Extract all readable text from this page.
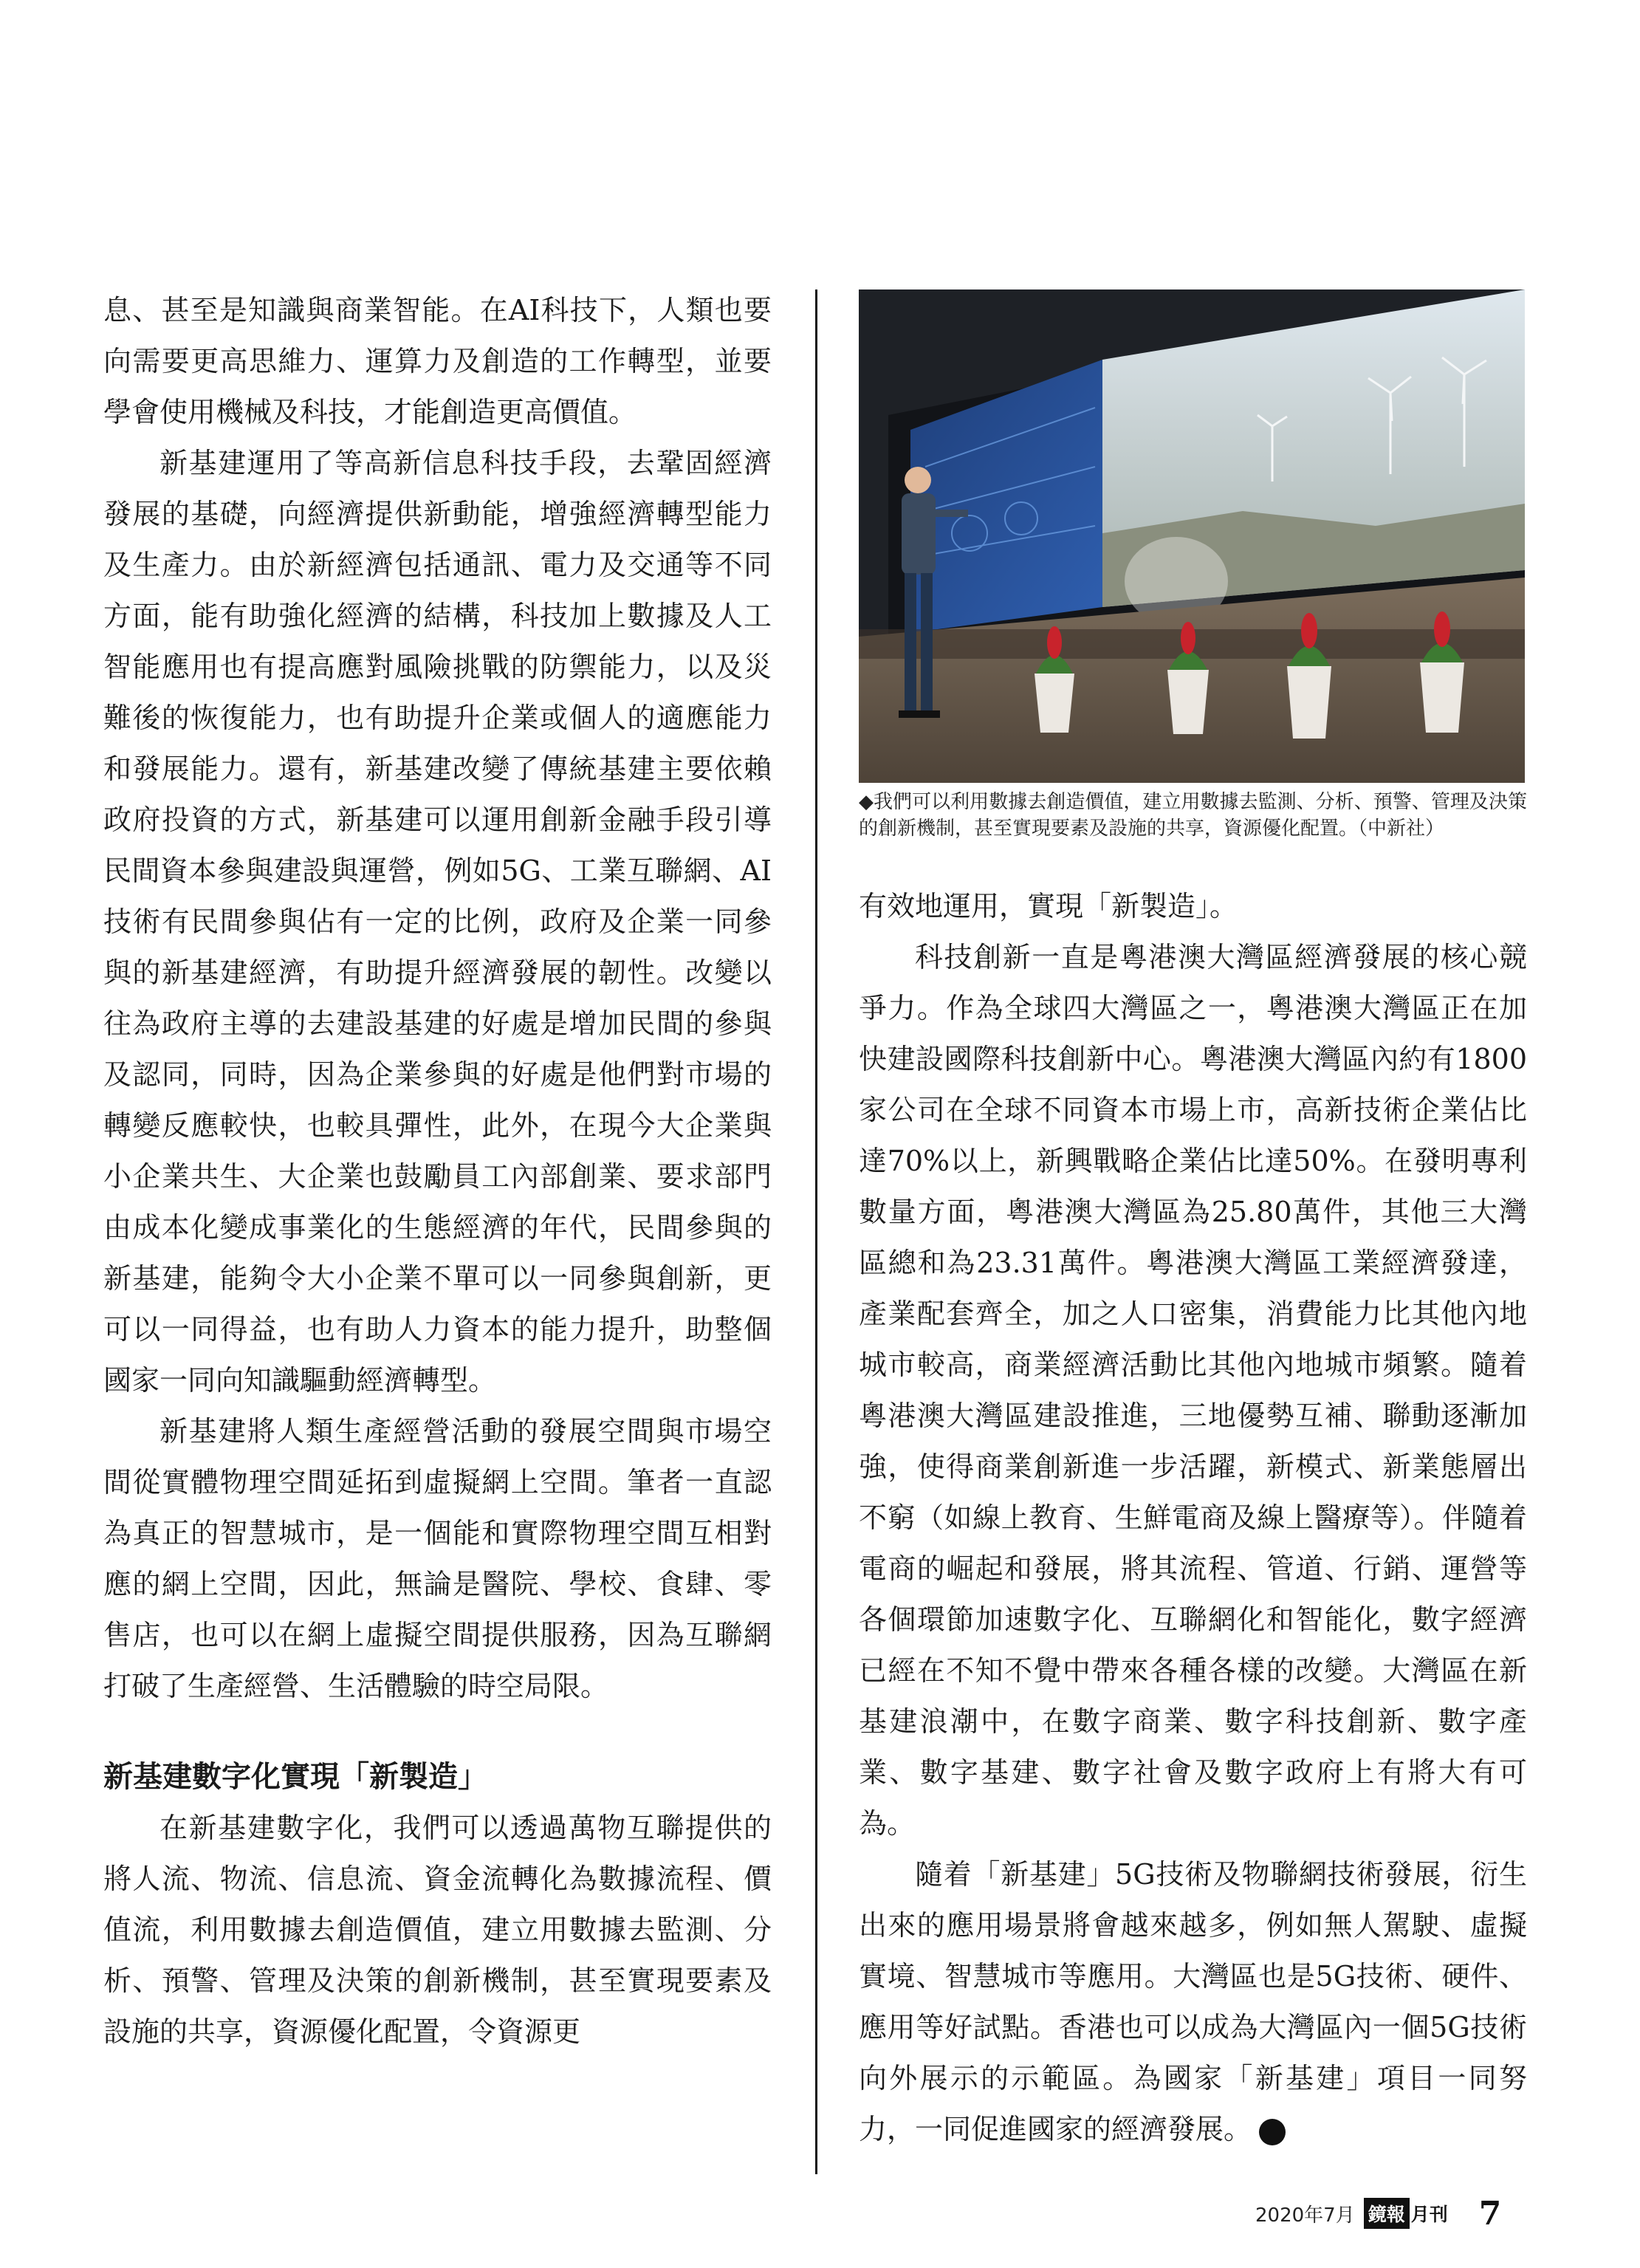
息、甚至是知識與商業智能。在AI科技下，人類也要向需要更高思維力、運算力及創造的工作轉型，並要學會使用機械及科技，才能創造更高價值。

新基建運用了等高新信息科技手段，去鞏固經濟發展的基礎，向經濟提供新動能，增強經濟轉型能力及生產力。由於新經濟包括通訊、電力及交通等不同方面，能有助強化經濟的結構，科技加上數據及人工智能應用也有提高應對風險挑戰的防禦能力，以及災難後的恢復能力，也有助提升企業或個人的適應能力和發展能力。還有，新基建改變了傳統基建主要依賴政府投資的方式，新基建可以運用創新金融手段引導民間資本參與建設與運營，例如5G、工業互聯網、AI技術有民間參與佔有一定的比例，政府及企業一同參與的新基建經濟，有助提升經濟發展的韌性。改變以往為政府主導的去建設基建的好處是增加民間的參與及認同，同時，因為企業參與的好處是他們對市場的轉變反應較快，也較具彈性，此外，在現今大企業與小企業共生、大企業也鼓勵員工內部創業、要求部門由成本化變成事業化的生態經濟的年代，民間參與的新基建，能夠令大小企業不單可以一同參與創新，更可以一同得益，也有助人力資本的能力提升，助整個國家一同向知識驅動經濟轉型。

新基建將人類生產經營活動的發展空間與市場空間從實體物理空間延拓到虛擬網上空間。筆者一直認為真正的智慧城市，是一個能和實際物理空間互相對應的網上空間，因此，無論是醫院、學校、食肆、零售店，也可以在網上虛擬空間提供服務，因為互聯網打破了生產經營、生活體驗的時空局限。

新基建數字化實現「新製造」

在新基建數字化，我們可以透過萬物互聯提供的將人流、物流、信息流、資金流轉化為數據流程、價值流，利用數據去創造價值，建立用數據去監測、分析、預警、管理及決策的創新機制，甚至實現要素及設施的共享，資源優化配置，令資源更

◆我們可以利用數據去創造價值，建立用數據去監測、分析、預警、管理及決策的創新機制，甚至實現要素及設施的共享，資源優化配置。（中新社）

有效地運用，實現「新製造」。

科技創新一直是粵港澳大灣區經濟發展的核心競爭力。作為全球四大灣區之一，粵港澳大灣區正在加快建設國際科技創新中心。粵港澳大灣區內約有1800家公司在全球不同資本市場上市，高新技術企業佔比達70%以上，新興戰略企業佔比達50%。在發明專利數量方面，粵港澳大灣區為25.80萬件，其他三大灣區總和為23.31萬件。粵港澳大灣區工業經濟發達，產業配套齊全，加之人口密集，消費能力比其他內地城市較高，商業經濟活動比其他內地城市頻繁。隨着粵港澳大灣區建設推進，三地優勢互補、聯動逐漸加強，使得商業創新進一步活躍，新模式、新業態層出不窮（如線上教育、生鮮電商及線上醫療等）。伴隨着電商的崛起和發展，將其流程、管道、行銷、運營等各個環節加速數字化、互聯網化和智能化，數字經濟已經在不知不覺中帶來各種各樣的改變。大灣區在新基建浪潮中，在數字商業、數字科技創新、數字產業、數字基建、數字社會及數字政府上有將大有可為。

隨着「新基建」5G技術及物聯網技術發展，衍生出來的應用場景將會越來越多，例如無人駕駛、虛擬實境、智慧城市等應用。大灣區也是5G技術、硬件、應用等好試點。香港也可以成為大灣區內一個5G技術向外展示的示範區。為國家「新基建」項目一同努力，一同促進國家的經濟發展。	鏡

2020年7月 鏡報 月刊 7
